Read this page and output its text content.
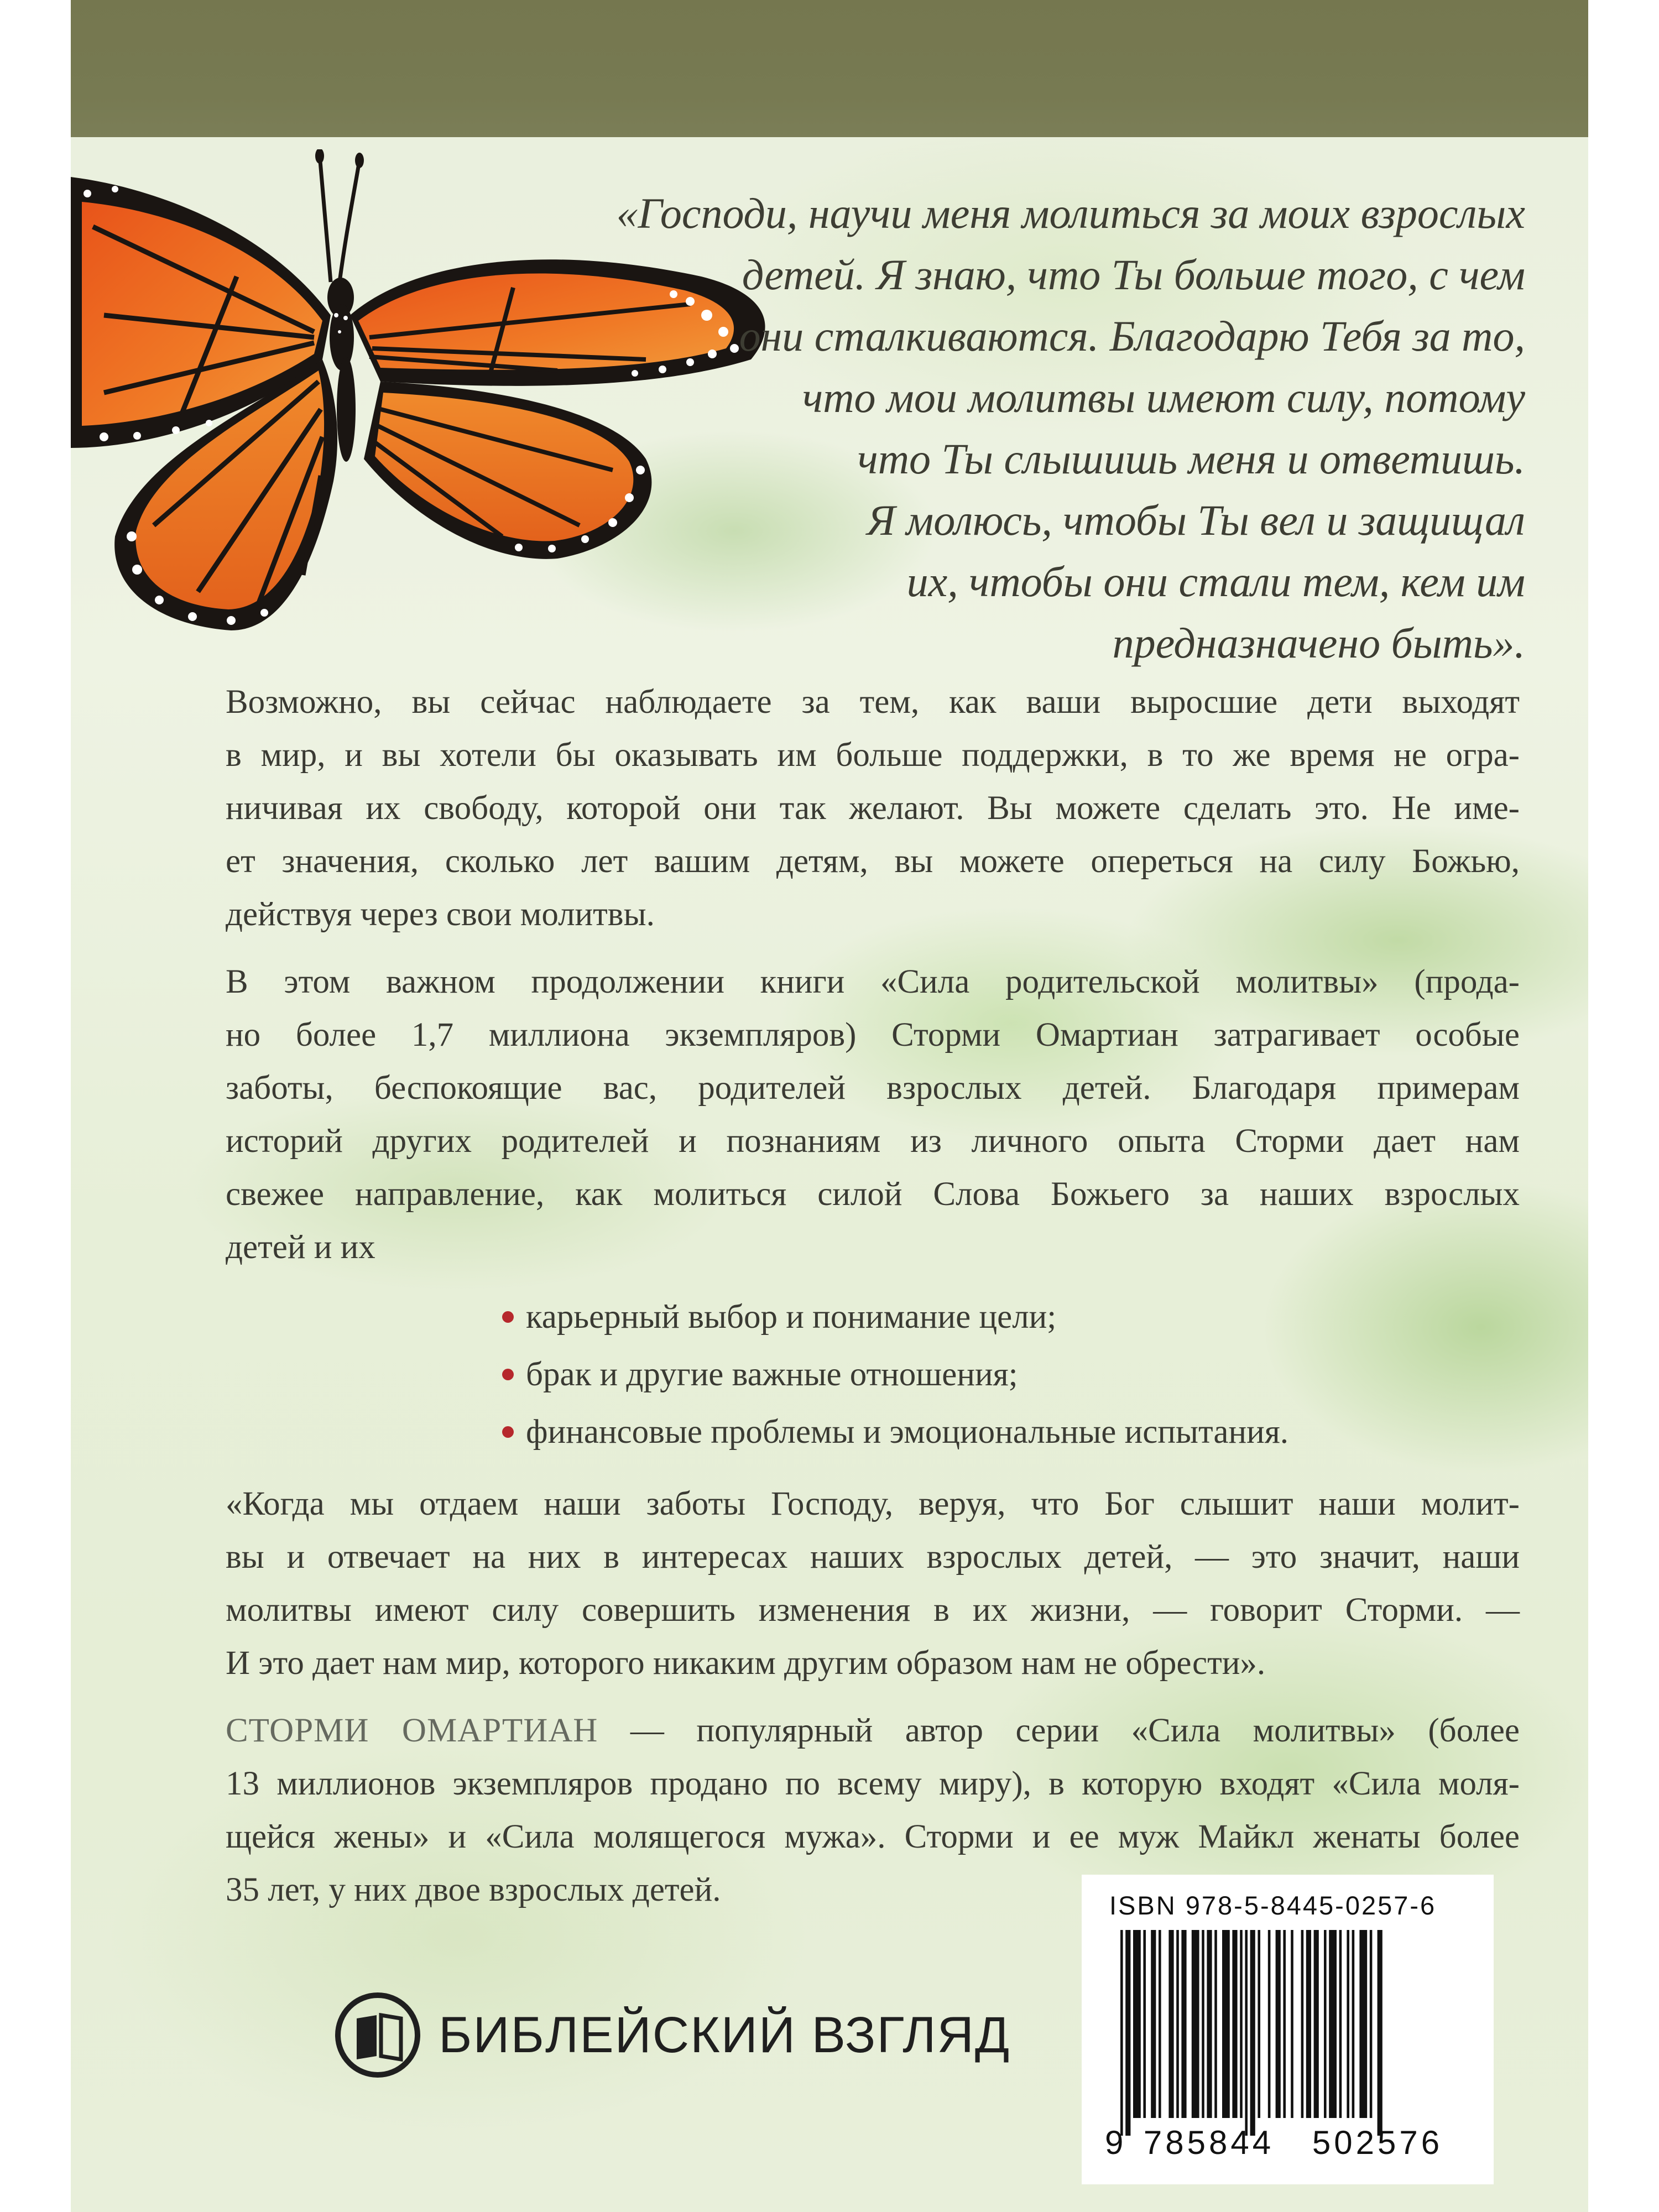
«Господи, научи меня молиться за моих взрослых
детей. Я знаю, что Ты больше того, с чем
они сталкиваются. Благодарю Тебя за то,
что мои молитвы имеют силу, потому
что Ты слышишь меня и ответишь.
Я молюсь, чтобы Ты вел и защищал
их, чтобы они стали тем, кем им
предназначено быть».
Возможно, вы сейчас наблюдаете за тем, как ваши выросшие дети выходят
в мир, и вы хотели бы оказывать им больше поддержки, в то же время не огра-
ничивая их свободу, которой они так желают. Вы можете сделать это. Не име-
ет значения, сколько лет вашим детям, вы можете опереться на силу Божью,
действуя через свои молитвы.
В этом важном продолжении книги «Сила родительской молитвы» (прода-
но более 1,7 миллиона экземпляров) Сторми Омартиан затрагивает особые
заботы, беспокоящие вас, родителей взрослых детей. Благодаря примерам
историй других родителей и познаниям из личного опыта Сторми дает нам
свежее направление, как молиться силой Слова Божьего за наших взрослых
детей и их
карьерный выбор и понимание цели;
брак и другие важные отношения;
финансовые проблемы и эмоциональные испытания.
«Когда мы отдаем наши заботы Господу, веруя, что Бог слышит наши молит-
вы и отвечает на них в интересах наших взрослых детей, — это значит, наши
молитвы имеют силу совершить изменения в их жизни, — говорит Сторми. —
И это дает нам мир, которого никаким другим образом нам не обрести».
СТОРМИ ОМАРТИАН — популярный автор серии «Сила молитвы» (более
13 миллионов экземпляров продано по всему миру), в которую входят «Сила моля-
щейся жены» и «Сила молящегося мужа». Сторми и ее муж Майкл женаты более
35 лет, у них двое взрослых детей.
БИБЛЕЙСКИЙ ВЗГЛЯД
ISBN 978-5-8445-0257-6
9 785844 502576
